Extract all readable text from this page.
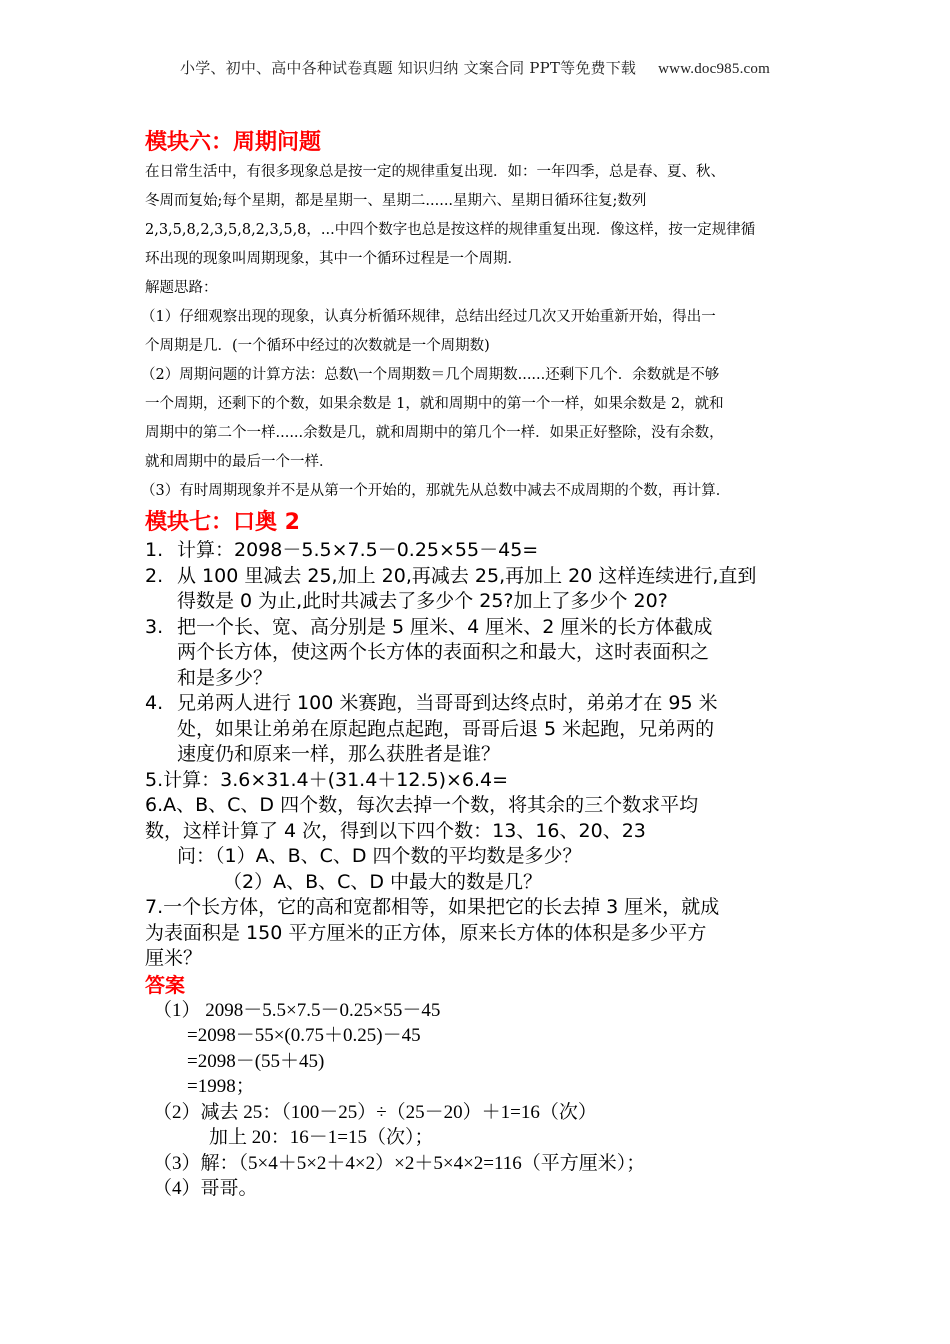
小学、初中、高中各种试卷真题 知识归纳 文案合同 PPT等免费下载 www.doc985.com

模块六：周期问题

在日常生活中，有很多现象总是按一定的规律重复出现．如：一年四季，总是春、夏、秋、

冬周而复始;每个星期，都是星期一、星期二......星期六、星期日循环往复;数列

2,3,5,8,2,3,5,8,2,3,5,8，...中四个数字也总是按这样的规律重复出现．像这样，按一定规律循

环出现的现象叫周期现象，其中一个循环过程是一个周期．

解题思路：

（1）仔细观察出现的现象，认真分析循环规律，总结出经过几次又开始重新开始，得出一

个周期是几．(一个循环中经过的次数就是一个周期数)

（2）周期问题的计算方法：总数\一个周期数＝几个周期数......还剩下几个．余数就是不够

一个周期，还剩下的个数，如果余数是 1，就和周期中的第一个一样，如果余数是 2，就和

周期中的第二个一样......余数是几，就和周期中的第几个一样．如果正好整除，没有余数，

就和周期中的最后一个一样．

（3）有时周期现象并不是从第一个开始的，那就先从总数中减去不成周期的个数，再计算．

模块七：口奥 2

1. 计算：2098－5.5×7.5－0.25×55－45=

2. 从 100 里减去 25,加上 20,再减去 25,再加上 20 这样连续进行,直到

得数是 0 为止,此时共减去了多少个 25?加上了多少个 20?

3. 把一个长、宽、高分别是 5 厘米、4 厘米、2 厘米的长方体截成

两个长方体，使这两个长方体的表面积之和最大，这时表面积之

和是多少？

4. 兄弟两人进行 100 米赛跑，当哥哥到达终点时，弟弟才在 95 米

处，如果让弟弟在原起跑点起跑，哥哥后退 5 米起跑，兄弟两的

速度仍和原来一样，那么获胜者是谁？

5.计算：3.6×31.4＋(31.4＋12.5)×6.4=

6.A、B、C、D 四个数，每次去掉一个数，将其余的三个数求平均

数，这样计算了 4 次，得到以下四个数：13、16、20、23

问：（1）A、B、C、D 四个数的平均数是多少？

（2）A、B、C、D 中最大的数是几？

7.一个长方体，它的高和宽都相等，如果把它的长去掉 3 厘米，就成

为表面积是 150 平方厘米的正方体，原来长方体的体积是多少平方

厘米？

答案

（1） 2098－5.5×7.5－0.25×55－45

=2098－55×(0.75＋0.25)－45

=2098－(55＋45)

=1998；

（2）减去 25：（100－25）÷（25－20）＋1=16（次）

加上 20：16－1=15（次）；

（3）解：（5×4＋5×2＋4×2）×2＋5×4×2=116（平方厘米）；

（4）哥哥。
